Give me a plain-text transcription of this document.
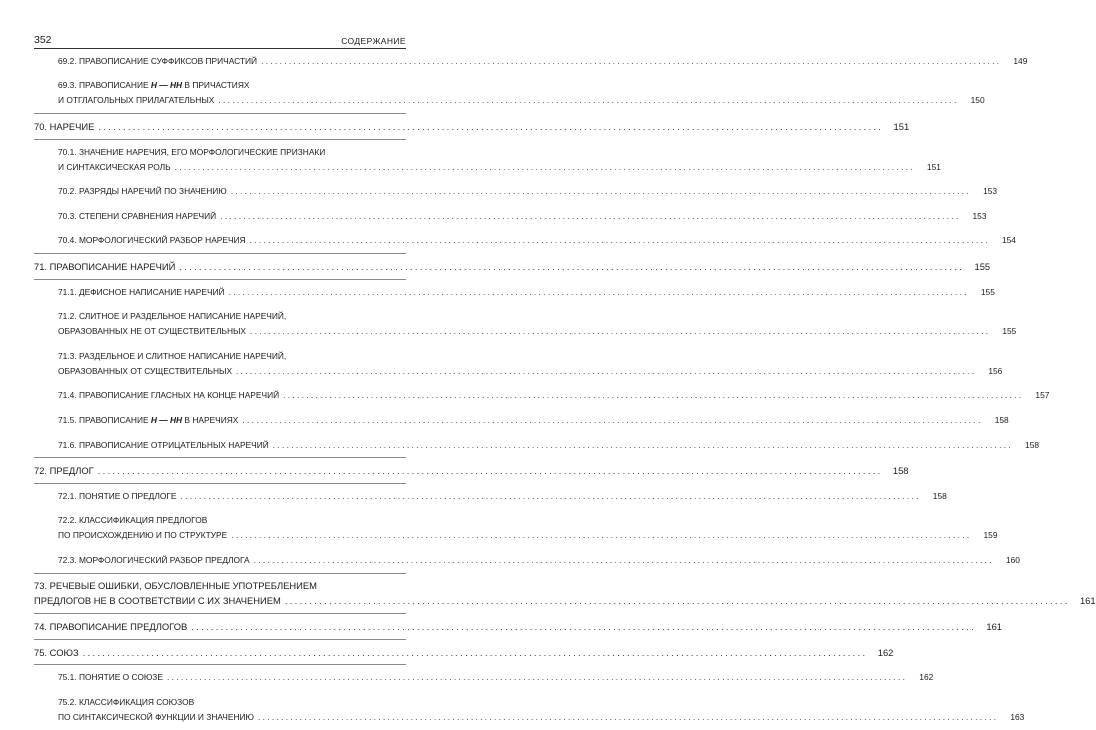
352	СОДЕРЖАНИЕ
69.2. ПРАВОПИСАНИЕ СУФФИКСОВ ПРИЧАСТИЙ ................................................................................................................................................................	149
69.3. ПРАВОПИСАНИЕ Н — НН В ПРИЧАСТИЯХ
И ОТГЛАГОЛЬНЫХ ПРИЛАГАТЕЛЬНЫХ ................................................................................................................................................................	150
70. НАРЕЧИЕ ................................................................................................................................................................	151
70.1. ЗНАЧЕНИЕ НАРЕЧИЯ, ЕГО МОРФОЛОГИЧЕСКИЕ ПРИЗНАКИ
И СИНТАКСИЧЕСКАЯ РОЛЬ ................................................................................................................................................................	151
70.2. РАЗРЯДЫ НАРЕЧИЙ ПО ЗНАЧЕНИЮ ................................................................................................................................................................	153
70.3. СТЕПЕНИ СРАВНЕНИЯ НАРЕЧИЙ ................................................................................................................................................................	153
70.4. МОРФОЛОГИЧЕСКИЙ РАЗБОР НАРЕЧИЯ ................................................................................................................................................................	154
71. ПРАВОПИСАНИЕ НАРЕЧИЙ ................................................................................................................................................................	155
71.1. ДЕФИСНОЕ НАПИСАНИЕ НАРЕЧИЙ ................................................................................................................................................................	155
71.2. СЛИТНОЕ И РАЗДЕЛЬНОЕ НАПИСАНИЕ НАРЕЧИЙ,
ОБРАЗОВАННЫХ НЕ ОТ СУЩЕСТВИТЕЛЬНЫХ ................................................................................................................................................................	155
71.3. РАЗДЕЛЬНОЕ И СЛИТНОЕ НАПИСАНИЕ НАРЕЧИЙ,
ОБРАЗОВАННЫХ ОТ СУЩЕСТВИТЕЛЬНЫХ ................................................................................................................................................................	156
71.4. ПРАВОПИСАНИЕ ГЛАСНЫХ НА КОНЦЕ НАРЕЧИЙ ................................................................................................................................................................	157
71.5. ПРАВОПИСАНИЕ Н — НН В НАРЕЧИЯХ ................................................................................................................................................................	158
71.6. ПРАВОПИСАНИЕ ОТРИЦАТЕЛЬНЫХ НАРЕЧИЙ ................................................................................................................................................................	158
72. ПРЕДЛОГ ................................................................................................................................................................	158
72.1. ПОНЯТИЕ О ПРЕДЛОГЕ ................................................................................................................................................................	158
72.2. КЛАССИФИКАЦИЯ ПРЕДЛОГОВ
ПО ПРОИСХОЖДЕНИЮ И ПО СТРУКТУРЕ ................................................................................................................................................................	159
72.3. МОРФОЛОГИЧЕСКИЙ РАЗБОР ПРЕДЛОГА ................................................................................................................................................................	160
73. РЕЧЕВЫЕ ОШИБКИ, ОБУСЛОВЛЕННЫЕ УПОТРЕБЛЕНИЕМ
ПРЕДЛОГОВ НЕ В СООТВЕТСТВИИ С ИХ ЗНАЧЕНИЕМ ................................................................................................................................................................	161
74. ПРАВОПИСАНИЕ ПРЕДЛОГОВ ................................................................................................................................................................	161
75. СОЮЗ ................................................................................................................................................................	162
75.1. ПОНЯТИЕ О СОЮЗЕ ................................................................................................................................................................	162
75.2. КЛАССИФИКАЦИЯ СОЮЗОВ
ПО СИНТАКСИЧЕСКОЙ ФУНКЦИИ И ЗНАЧЕНИЮ ................................................................................................................................................................	163
